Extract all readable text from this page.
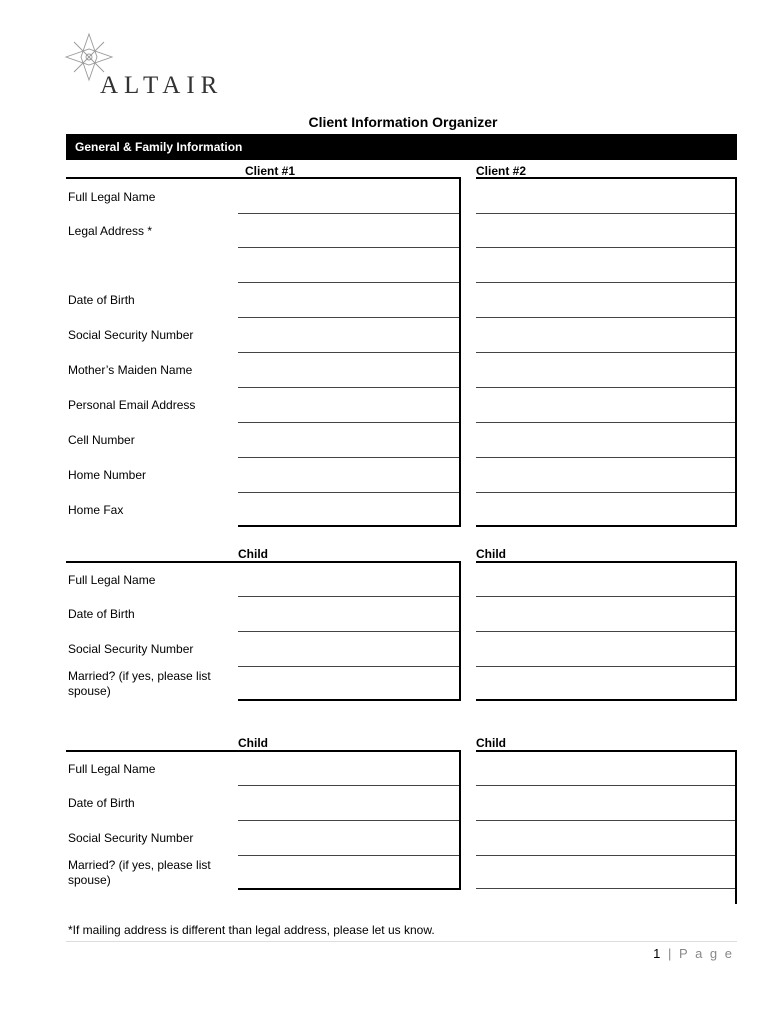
ALTAIR
Client Information Organizer
General & Family Information
Client #1	Client #2
Full Legal Name
Legal Address *
Date of Birth
Social Security Number
Mother’s Maiden Name
Personal Email Address
Cell Number
Home Number
Home Fax
Child	Child
Full Legal Name
Date of Birth
Social Security Number
Married? (if yes, please list spouse)
Child	Child
Full Legal Name
Date of Birth
Social Security Number
Married? (if yes, please list spouse)
*If mailing address is different than legal address, please let us know.
1 | P a g e
